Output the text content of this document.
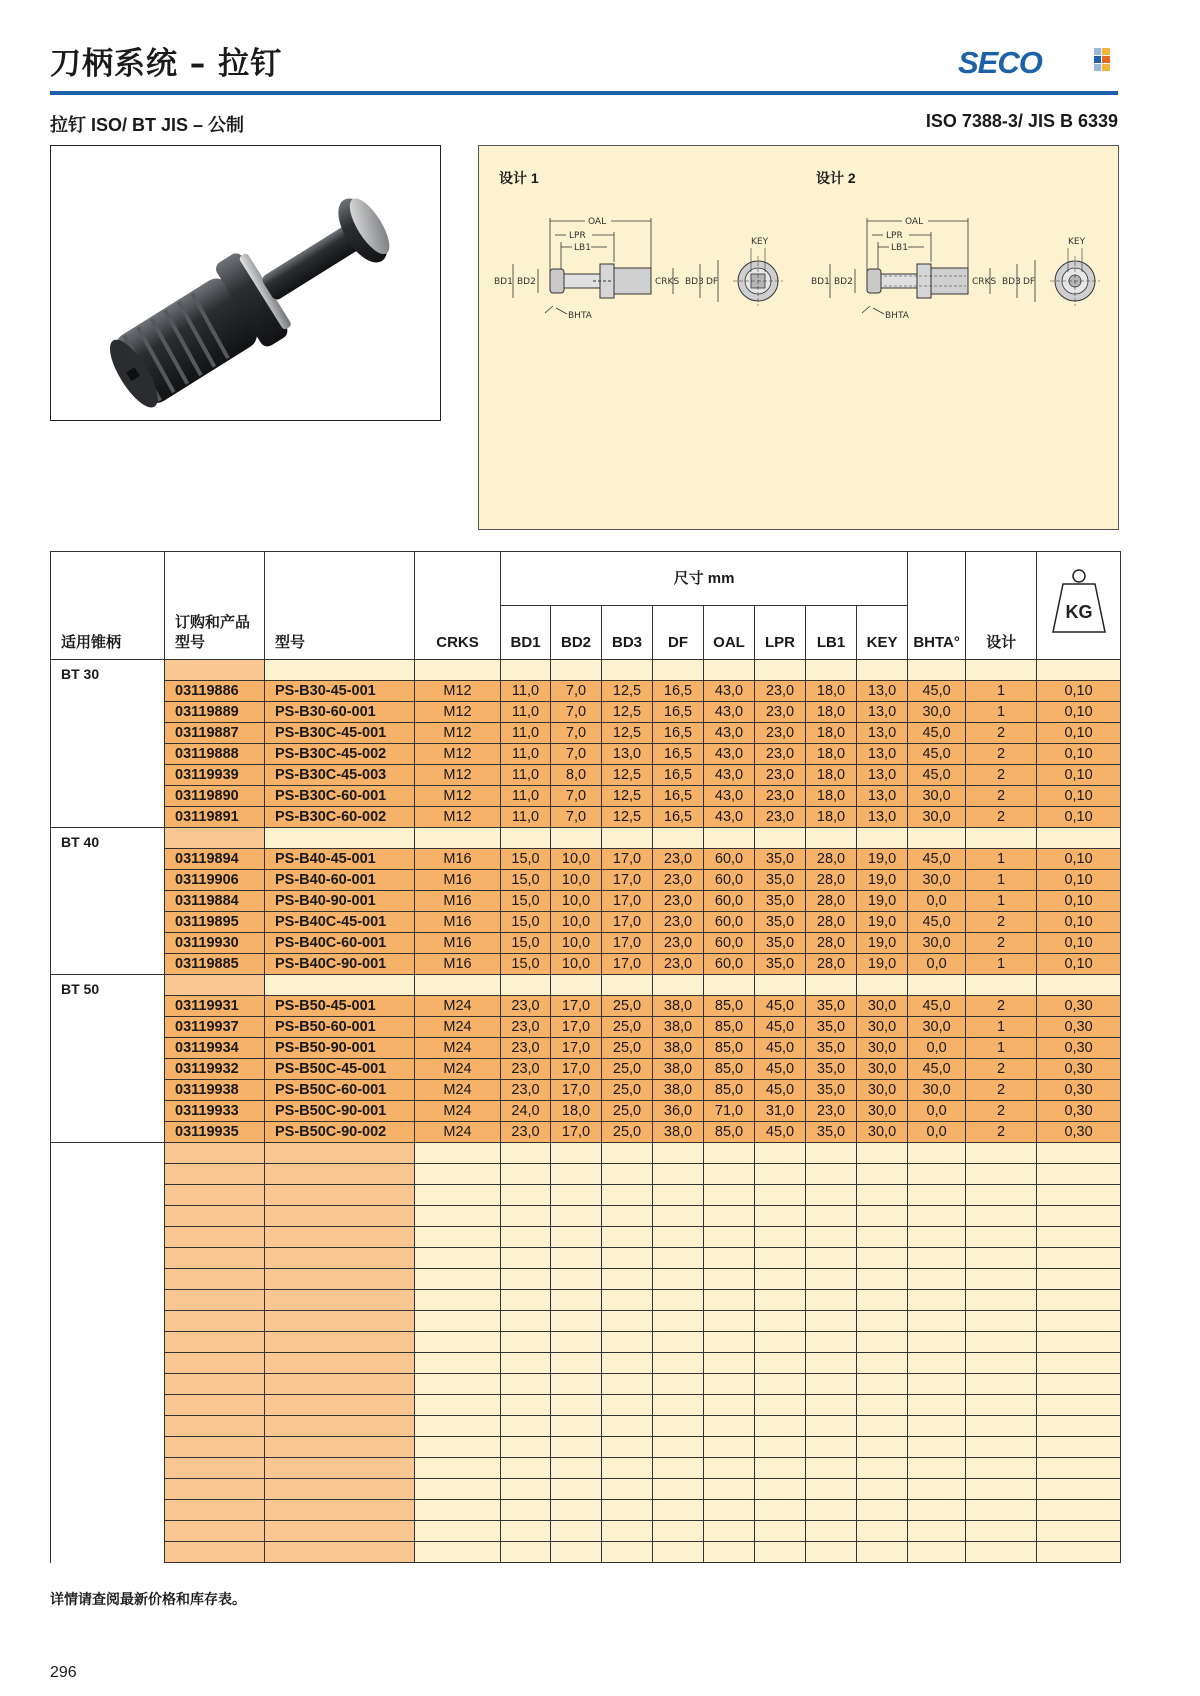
刀柄系统 – 拉钉	SECO
拉钉 ISO/ BT JIS – 公制	ISO 7388-3/ JIS B 6339
设计 1	设计 2
OAL
LPR
LB1
BD1 BD2	CRKS BD3 DF
BHTA
KEY
OAL
LPR
LB1
BD1 BD2	CRKS BD3 DF
BHTA
KEY
适用锥柄	订购和产品型号	型号	CRKS	尺寸 mm								BHTA°	设计	KG

				BD1	BD2	BD3	DF	OAL	LPR	LB1	KEY			
BT 30														
	03119886	PS-B30-45-001	M12	11,0	7,0	12,5	16,5	43,0	23,0	18,0	13,0	45,0	1	0,10
	03119889	PS-B30-60-001	M12	11,0	7,0	12,5	16,5	43,0	23,0	18,0	13,0	30,0	1	0,10
	03119887	PS-B30C-45-001	M12	11,0	7,0	12,5	16,5	43,0	23,0	18,0	13,0	45,0	2	0,10
	03119888	PS-B30C-45-002	M12	11,0	7,0	13,0	16,5	43,0	23,0	18,0	13,0	45,0	2	0,10
	03119939	PS-B30C-45-003	M12	11,0	8,0	12,5	16,5	43,0	23,0	18,0	13,0	45,0	2	0,10
	03119890	PS-B30C-60-001	M12	11,0	7,0	12,5	16,5	43,0	23,0	18,0	13,0	30,0	2	0,10
	03119891	PS-B30C-60-002	M12	11,0	7,0	12,5	16,5	43,0	23,0	18,0	13,0	30,0	2	0,10
BT 40														
	03119894	PS-B40-45-001	M16	15,0	10,0	17,0	23,0	60,0	35,0	28,0	19,0	45,0	1	0,10
	03119906	PS-B40-60-001	M16	15,0	10,0	17,0	23,0	60,0	35,0	28,0	19,0	30,0	1	0,10
	03119884	PS-B40-90-001	M16	15,0	10,0	17,0	23,0	60,0	35,0	28,0	19,0	0,0	1	0,10
	03119895	PS-B40C-45-001	M16	15,0	10,0	17,0	23,0	60,0	35,0	28,0	19,0	45,0	2	0,10
	03119930	PS-B40C-60-001	M16	15,0	10,0	17,0	23,0	60,0	35,0	28,0	19,0	30,0	2	0,10
	03119885	PS-B40C-90-001	M16	15,0	10,0	17,0	23,0	60,0	35,0	28,0	19,0	0,0	1	0,10
BT 50														
	03119931	PS-B50-45-001	M24	23,0	17,0	25,0	38,0	85,0	45,0	35,0	30,0	45,0	2	0,30
	03119937	PS-B50-60-001	M24	23,0	17,0	25,0	38,0	85,0	45,0	35,0	30,0	30,0	1	0,30
	03119934	PS-B50-90-001	M24	23,0	17,0	25,0	38,0	85,0	45,0	35,0	30,0	0,0	1	0,30
	03119932	PS-B50C-45-001	M24	23,0	17,0	25,0	38,0	85,0	45,0	35,0	30,0	45,0	2	0,30
	03119938	PS-B50C-60-001	M24	23,0	17,0	25,0	38,0	85,0	45,0	35,0	30,0	30,0	2	0,30
	03119933	PS-B50C-90-001	M24	24,0	18,0	25,0	36,0	71,0	31,0	23,0	30,0	0,0	2	0,30
	03119935	PS-B50C-90-002	M24	23,0	17,0	25,0	38,0	85,0	45,0	35,0	30,0	0,0	2	0,30

详情请查阅最新价格和库存表。
296
